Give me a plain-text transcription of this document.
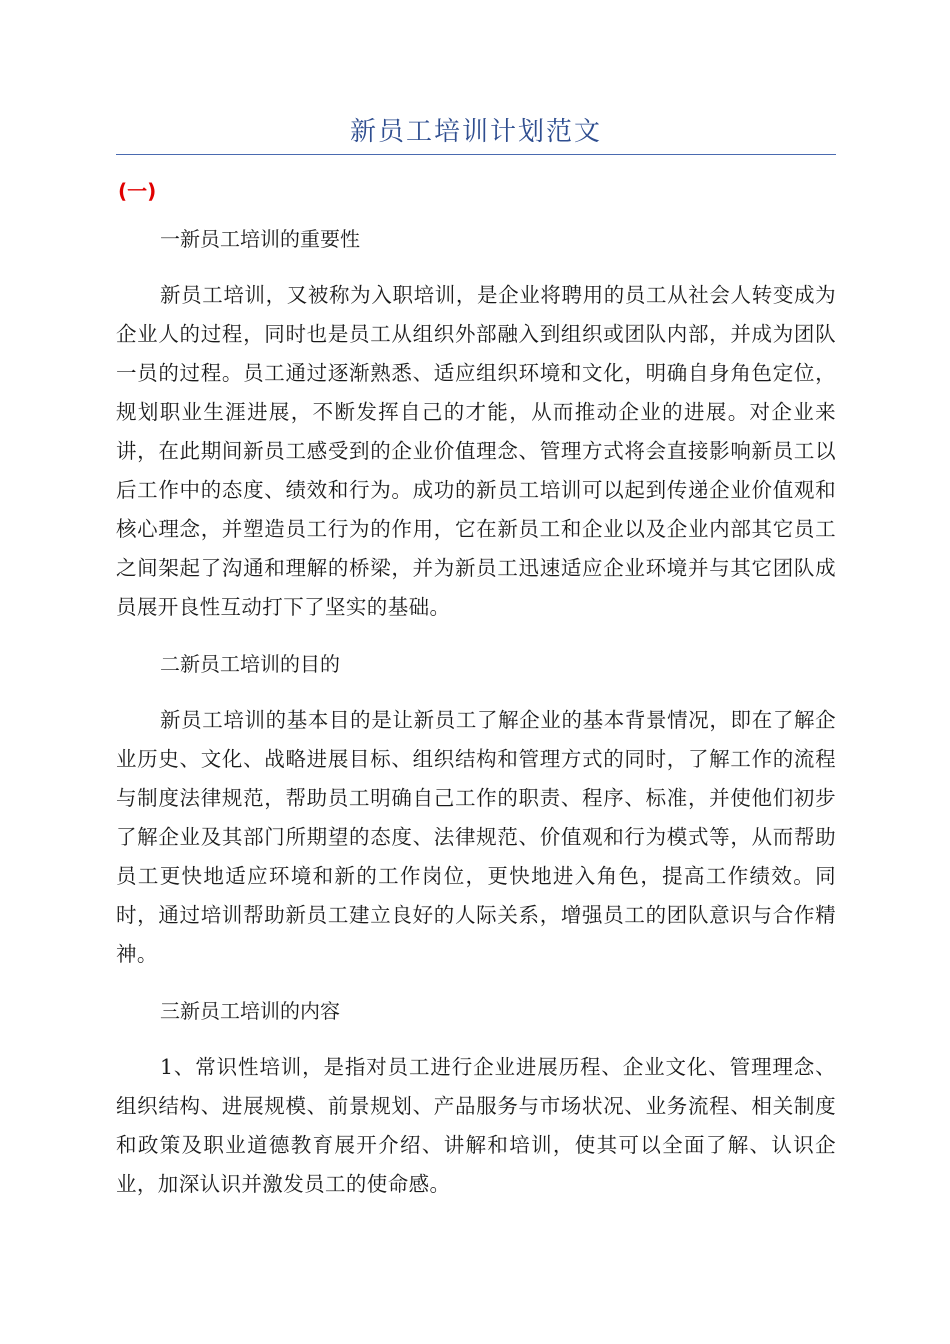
新员工培训计划范文
(一)

一新员工培训的重要性

新员工培训，又被称为入职培训，是企业将聘用的员工从社会人转变成为企业人的过程，同时也是员工从组织外部融入到组织或团队内部，并成为团队一员的过程。员工通过逐渐熟悉、适应组织环境和文化，明确自身角色定位，规划职业生涯进展，不断发挥自己的才能，从而推动企业的进展。对企业来讲，在此期间新员工感受到的企业价值理念、管理方式将会直接影响新员工以后工作中的态度、绩效和行为。成功的新员工培训可以起到传递企业价值观和核心理念，并塑造员工行为的作用，它在新员工和企业以及企业内部其它员工之间架起了沟通和理解的桥梁，并为新员工迅速适应企业环境并与其它团队成员展开良性互动打下了坚实的基础。

二新员工培训的目的

新员工培训的基本目的是让新员工了解企业的基本背景情况，即在了解企业历史、文化、战略进展目标、组织结构和管理方式的同时，了解工作的流程与制度法律规范，帮助员工明确自己工作的职责、程序、标准，并使他们初步了解企业及其部门所期望的态度、法律规范、价值观和行为模式等，从而帮助员工更快地适应环境和新的工作岗位，更快地进入角色，提高工作绩效。同时，通过培训帮助新员工建立良好的人际关系，增强员工的团队意识与合作精神。

三新员工培训的内容

1、常识性培训，是指对员工进行企业进展历程、企业文化、管理理念、组织结构、进展规模、前景规划、产品服务与市场状况、业务流程、相关制度和政策及职业道德教育展开介绍、讲解和培训，使其可以全面了解、认识企业，加深认识并激发员工的使命感。
